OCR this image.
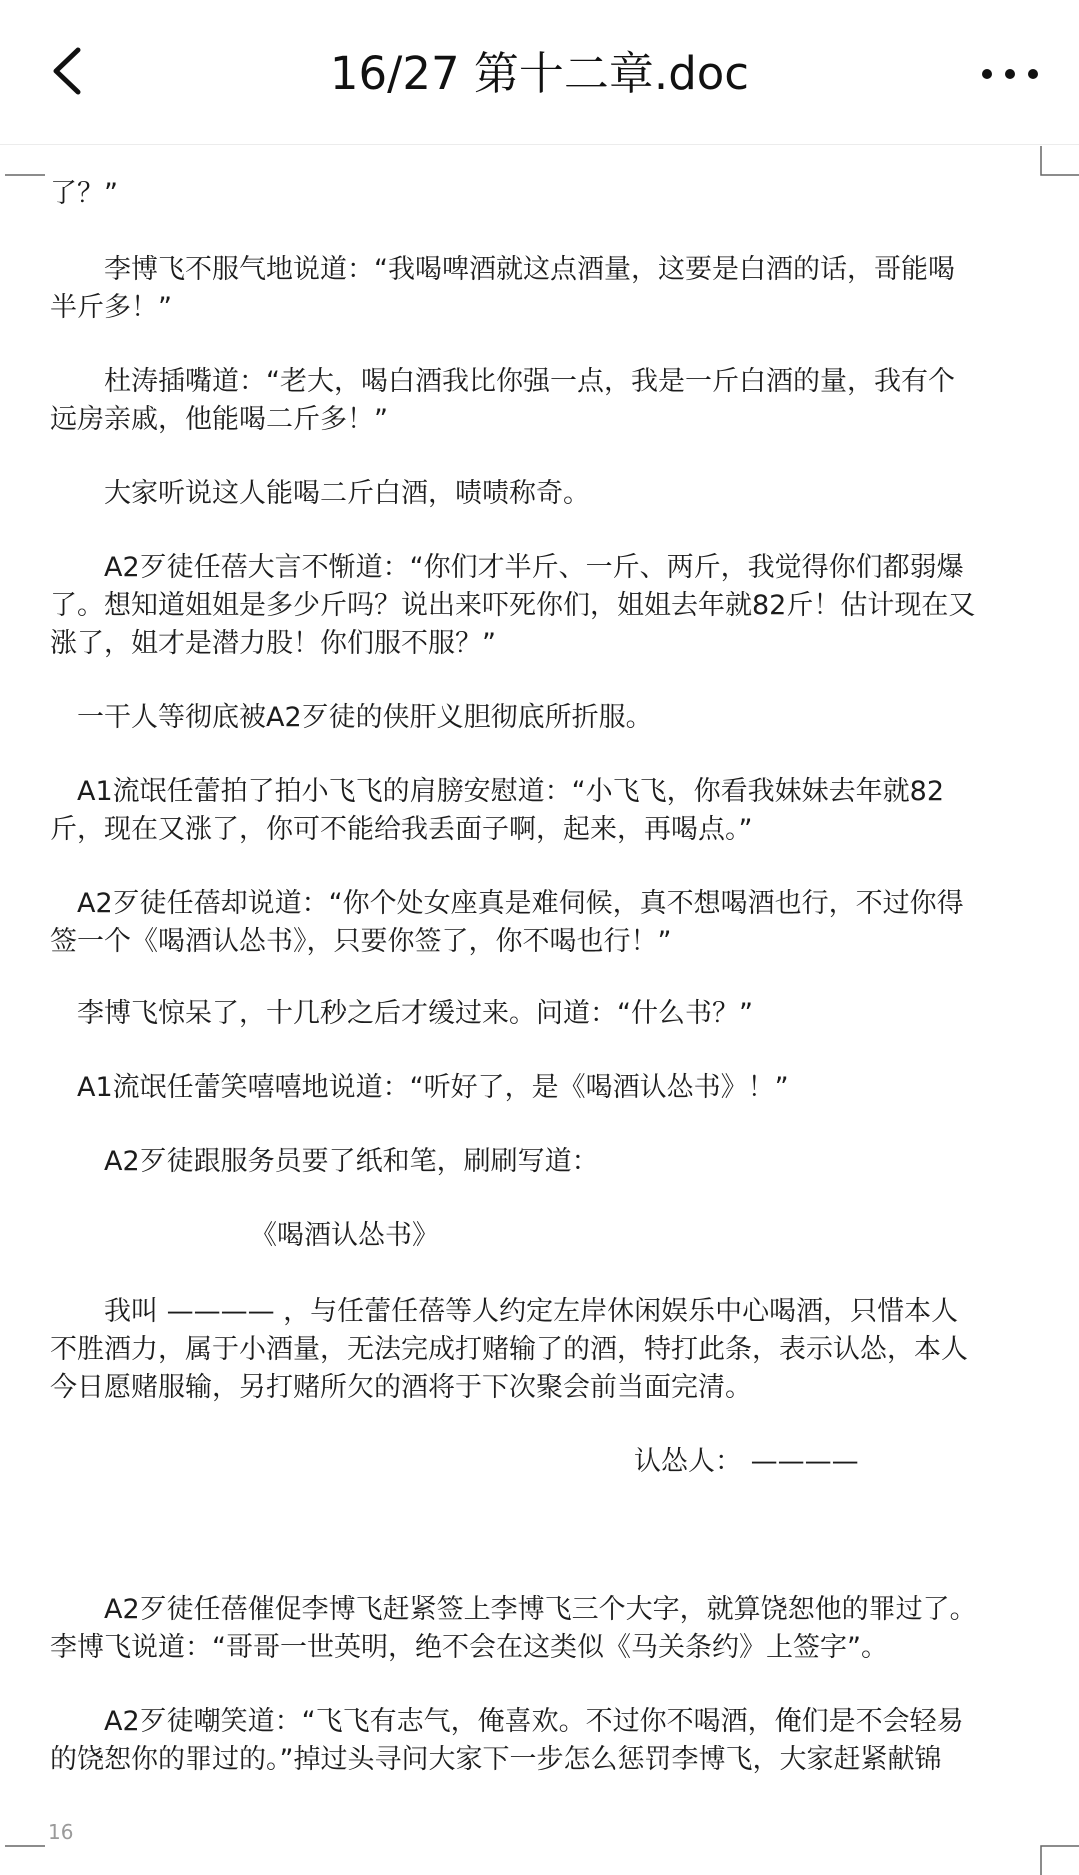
16/27 第十二章.doc
了？”
　　李博飞不服气地说道：“我喝啤酒就这点酒量，这要是白酒的话，哥能喝
半斤多！”
　　杜涛插嘴道：“老大，喝白酒我比你强一点，我是一斤白酒的量，我有个
远房亲戚，他能喝二斤多！”
　　大家听说这人能喝二斤白酒，啧啧称奇。
　　A2歹徒任蓓大言不惭道：“你们才半斤、一斤、两斤，我觉得你们都弱爆
了。想知道姐姐是多少斤吗？说出来吓死你们，姐姐去年就82斤！估计现在又
涨了，姐才是潜力股！你们服不服？”
　一干人等彻底被A2歹徒的侠肝义胆彻底所折服。
　A1流氓任蕾拍了拍小飞飞的肩膀安慰道：“小飞飞，你看我妹妹去年就82
斤，现在又涨了，你可不能给我丢面子啊，起来，再喝点。”
　A2歹徒任蓓却说道：“你个处女座真是难伺候，真不想喝酒也行，不过你得
签一个《喝酒认怂书》，只要你签了，你不喝也行！”
　李博飞惊呆了，十几秒之后才缓过来。问道：“什么书？”
　A1流氓任蕾笑嘻嘻地说道：“听好了，是《喝酒认怂书》！”
　　A2歹徒跟服务员要了纸和笔，刷刷写道：
《喝酒认怂书》
　　我叫 ———— ，与任蕾任蓓等人约定左岸休闲娱乐中心喝酒，只惜本人
不胜酒力，属于小酒量，无法完成打赌输了的酒，特打此条，表示认怂，本人
今日愿赌服输，另打赌所欠的酒将于下次聚会前当面完清。
认怂人： ————
　　A2歹徒任蓓催促李博飞赶紧签上李博飞三个大字，就算饶恕他的罪过了。
李博飞说道：“哥哥一世英明，绝不会在这类似《马关条约》上签字”。
　　A2歹徒嘲笑道：“飞飞有志气，俺喜欢。不过你不喝酒，俺们是不会轻易
的饶恕你的罪过的。”掉过头寻问大家下一步怎么惩罚李博飞，大家赶紧献锦
16
